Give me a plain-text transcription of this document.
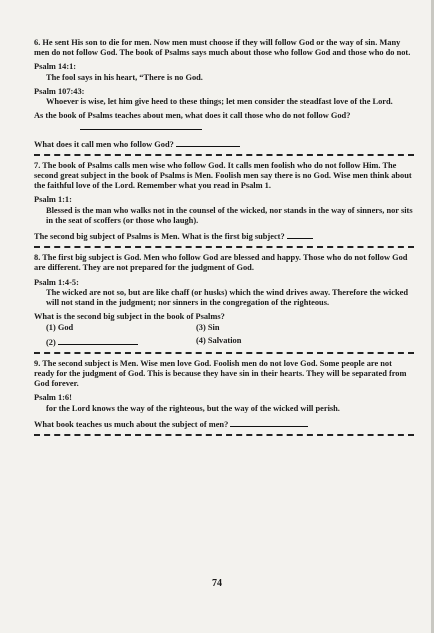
6. He sent His son to die for men. Now men must choose if they will follow God or the way of sin. Many men do not follow God. The book of Psalms says much about those who follow God and those who do not.

Psalm 14:1:
The fool says in his heart, “There is no God.
Psalm 107:43:
Whoever is wise, let him give heed to these things; let men consider the steadfast love of the Lord.
As the book of Psalms teaches about men, what does it call those who do not follow God?

What does it call men who follow God?

7. The book of Psalms calls men wise who follow God. It calls men foolish who do not follow Him. The second great subject in the book of Psalms is Men. Foolish men say there is no God. Wise men think about the faithful love of the Lord. Remember what you read in Psalm 1.

Psalm 1:1:
Blessed is the man who walks not in the counsel of the wicked, nor stands in the way of sinners, nor sits in the seat of scoffers (or those who laugh).
The second big subject of Psalms is Men. What is the first big subject?

8. The first big subject is God. Men who follow God are blessed and happy. Those who do not follow God are different. They are not prepared for the judgment of God.

Psalm 1:4-5:
The wicked are not so, but are like chaff (or husks) which the wind drives away. Therefore the wicked will not stand in the judgment; nor sinners in the congregation of the righteous.
What is the second big subject in the book of Psalms?
(1) God	(3) Sin
(2)	(4) Salvation

9. The second subject is Men. Wise men love God. Foolish men do not love God. Some people are not ready for the judgment of God. This is because they have sin in their hearts. They will be separated from God forever.

Psalm 1:6!
for the Lord knows the way of the righteous, but the way of the wicked will perish.
What book teaches us much about the subject of men?
74
